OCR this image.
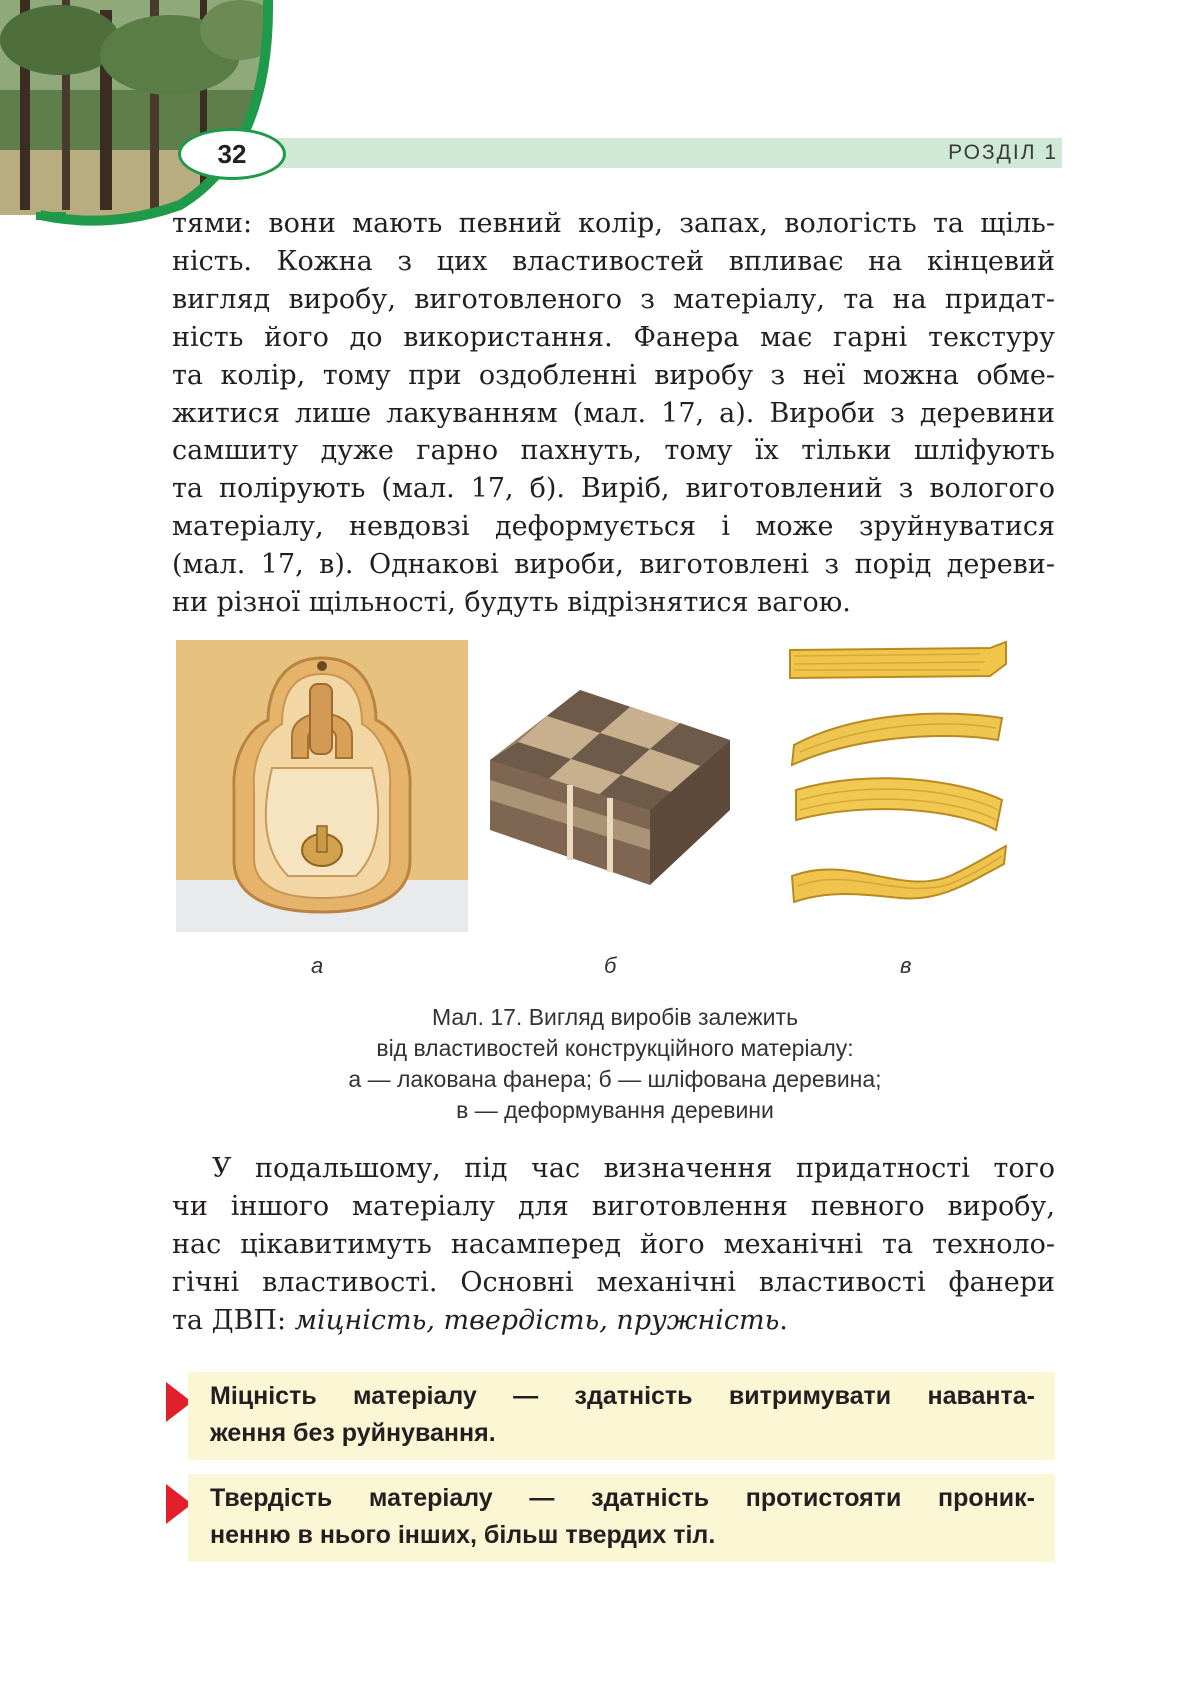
32	РОЗДІЛ 1
тями: вони мають певний колір, запах, вологість та щіль-
ність. Кожна з цих властивостей впливає на кінцевий
вигляд виробу, виготовленого з матеріалу, та на придат-
ність його до використання. Фанера має гарні текстуру
та колір, тому при оздобленні виробу з неї можна обме-
житися лише лакуванням (мал. 17, а). Вироби з деревини
самшиту дуже гарно пахнуть, тому їх тільки шліфують
та полірують (мал. 17, б). Виріб, виготовлений з вологого
матеріалу, невдовзі деформується і може зруйнуватися
(мал. 17, в). Однакові вироби, виготовлені з порід дереви-
ни різної щільності, будуть відрізнятися вагою.
а	б	в
Мал. 17. Вигляд виробів залежить
від властивостей конструкційного матеріалу:
а — лакована фанера; б — шліфована деревина;
в — деформування деревини
У подальшому, під час визначення придатності того
чи іншого матеріалу для виготовлення певного виробу,
нас цікавитимуть насамперед його механічні та техноло-
гічні властивості. Основні механічні властивості фанери
та ДВП: міцність, твердість, пружність.
Міцність матеріалу — здатність витримувати наванта-
ження без руйнування.
Твердість матеріалу — здатність протистояти проник-
ненню в нього інших, більш твердих тіл.
